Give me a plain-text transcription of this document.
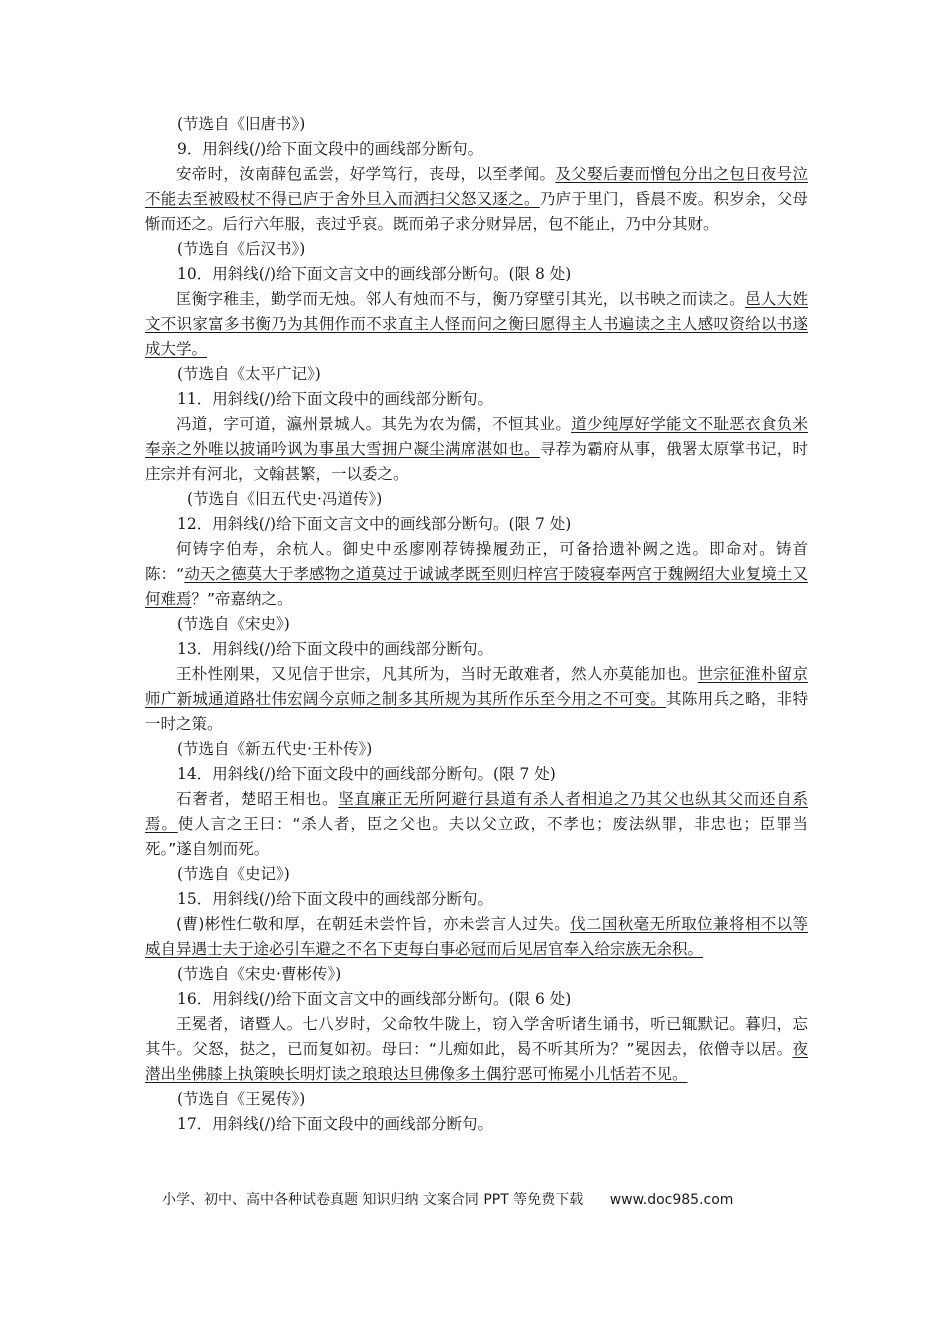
(节选自《旧唐书》)
9．用斜线(/)给下面文段中的画线部分断句。
安帝时，汝南薛包孟尝，好学笃行，丧母，以至孝闻。及父娶后妻而憎包分出之包日夜号泣不能去至被殴杖不得已庐于舍外旦入而洒扫父怒又逐之。乃庐于里门，昏晨不废。积岁余，父母惭而还之。后行六年服，丧过乎哀。既而弟子求分财异居，包不能止，乃中分其财。
(节选自《后汉书》)
10．用斜线(/)给下面文言文中的画线部分断句。(限 8 处)
匡衡字稚圭，勤学而无烛。邻人有烛而不与，衡乃穿壁引其光，以书映之而读之。邑人大姓文不识家富多书衡乃为其佣作而不求直主人怪而问之衡曰愿得主人书遍读之主人感叹资给以书遂成大学。
(节选自《太平广记》)
11．用斜线(/)给下面文段中的画线部分断句。
冯道，字可道，瀛州景城人。其先为农为儒，不恒其业。道少纯厚好学能文不耻恶衣食负米奉亲之外唯以披诵吟讽为事虽大雪拥户凝尘满席湛如也。寻荐为霸府从事，俄署太原掌书记，时庄宗并有河北，文翰甚繁，一以委之。
(节选自《旧五代史·冯道传》)
12．用斜线(/)给下面文言文中的画线部分断句。(限 7 处)
何铸字伯寿，余杭人。御史中丞廖刚荐铸操履劲正，可备拾遗补阙之选。即命对。铸首陈：“动天之德莫大于孝感物之道莫过于诚诚孝既至则归梓宫于陵寝奉两宫于魏阙绍大业复境土又何难焉？”帝嘉纳之。
(节选自《宋史》)
13．用斜线(/)给下面文段中的画线部分断句。
王朴性刚果，又见信于世宗，凡其所为，当时无敢难者，然人亦莫能加也。世宗征淮朴留京师广新城通道路壮伟宏阔今京师之制多其所规为其所作乐至今用之不可变。其陈用兵之略，非特一时之策。
(节选自《新五代史·王朴传》)
14．用斜线(/)给下面文段中的画线部分断句。(限 7 处)
石奢者，楚昭王相也。坚直廉正无所阿避行县道有杀人者相追之乃其父也纵其父而还自系焉。使人言之王曰：“杀人者，臣之父也。夫以父立政，不孝也；废法纵罪，非忠也；臣罪当死。”遂自刎而死。
(节选自《史记》)
15．用斜线(/)给下面文段中的画线部分断句。
(曹)彬性仁敬和厚，在朝廷未尝忤旨，亦未尝言人过失。伐二国秋毫无所取位兼将相不以等威自异遇士夫于途必引车避之不名下吏每白事必冠而后见居官奉入给宗族无余积。
(节选自《宋史·曹彬传》)
16．用斜线(/)给下面文言文中的画线部分断句。(限 6 处)
王冕者，诸暨人。七八岁时，父命牧牛陇上，窃入学舍听诸生诵书，听已辄默记。暮归，忘其牛。父怒，挞之，已而复如初。母曰：“儿痴如此，曷不听其所为？”冕因去，依僧寺以居。夜潜出坐佛膝上执策映长明灯读之琅琅达旦佛像多土偶狞恶可怖冕小儿恬若不见。
(节选自《王冕传》)
17．用斜线(/)给下面文段中的画线部分断句。
小学、初中、高中各种试卷真题 知识归纳 文案合同 PPT 等免费下载 www.doc985.com
